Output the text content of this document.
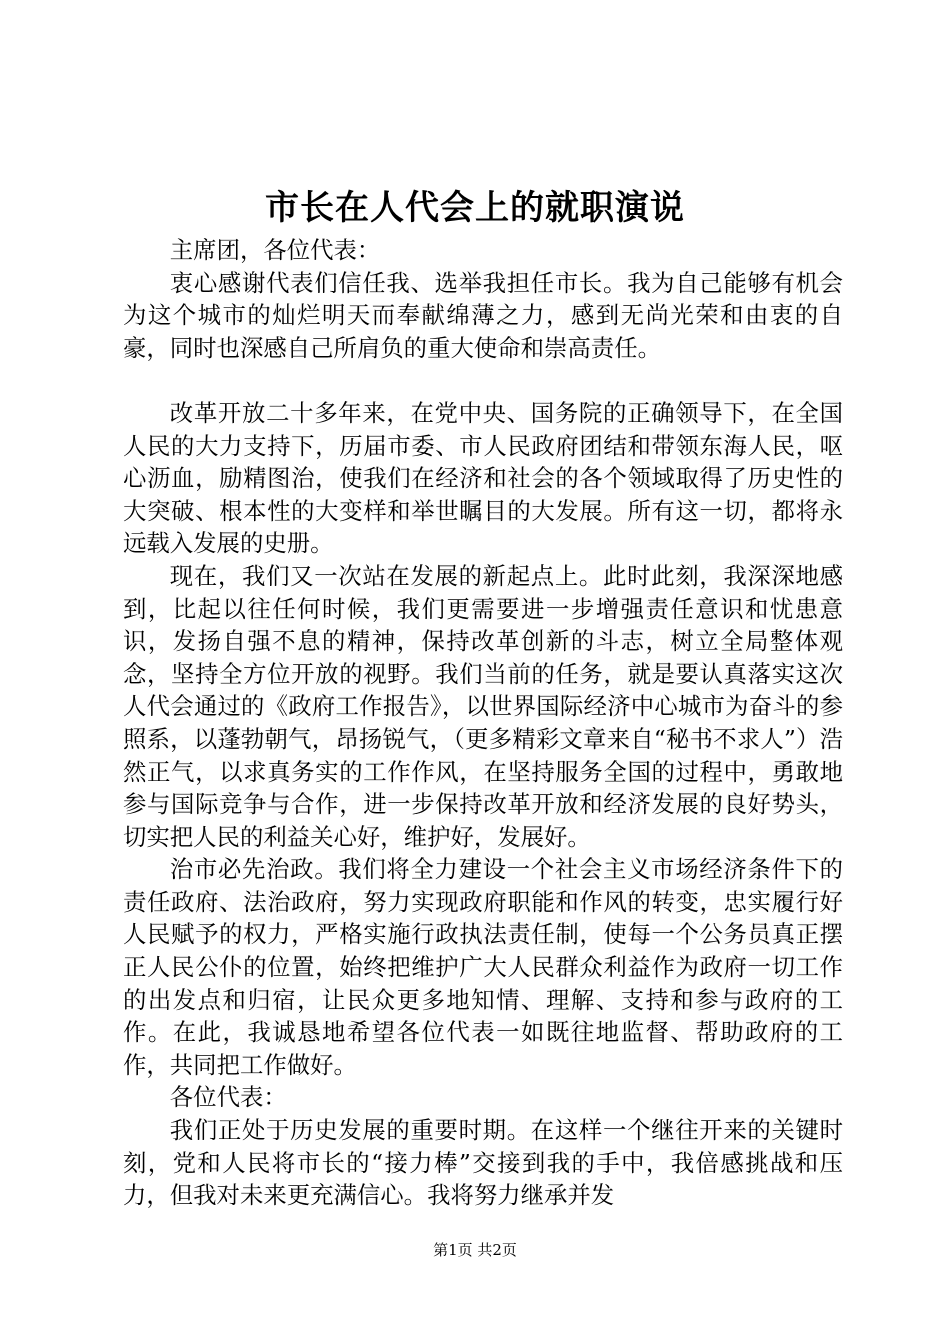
市长在人代会上的就职演说

主席团，各位代表：

衷心感谢代表们信任我、选举我担任市长。我为自己能够有机会为这个城市的灿烂明天而奉献绵薄之力，感到无尚光荣和由衷的自豪，同时也深感自己所肩负的重大使命和崇高责任。

改革开放二十多年来，在党中央、国务院的正确领导下，在全国人民的大力支持下，历届市委、市人民政府团结和带领东海人民，呕心沥血，励精图治，使我们在经济和社会的各个领域取得了历史性的大突破、根本性的大变样和举世瞩目的大发展。所有这一切，都将永远载入发展的史册。

现在，我们又一次站在发展的新起点上。此时此刻，我深深地感到，比起以往任何时候，我们更需要进一步增强责任意识和忧患意识，发扬自强不息的精神，保持改革创新的斗志，树立全局整体观念，坚持全方位开放的视野。我们当前的任务，就是要认真落实这次人代会通过的《政府工作报告》，以世界国际经济中心城市为奋斗的参照系，以蓬勃朝气，昂扬锐气，（更多精彩文章来自“秘书不求人”）浩然正气，以求真务实的工作作风，在坚持服务全国的过程中，勇敢地参与国际竞争与合作，进一步保持改革开放和经济发展的良好势头，切实把人民的利益关心好，维护好，发展好。

治市必先治政。我们将全力建设一个社会主义市场经济条件下的责任政府、法治政府，努力实现政府职能和作风的转变，忠实履行好人民赋予的权力，严格实施行政执法责任制，使每一个公务员真正摆正人民公仆的位置，始终把维护广大人民群众利益作为政府一切工作的出发点和归宿，让民众更多地知情、理解、支持和参与政府的工作。在此，我诚恳地希望各位代表一如既往地监督、帮助政府的工作，共同把工作做好。

各位代表：

我们正处于历史发展的重要时期。在这样一个继往开来的关键时刻，党和人民将市长的“接力棒”交接到我的手中，我倍感挑战和压力，但我对未来更充满信心。我将努力继承并发

第1页 共2页
